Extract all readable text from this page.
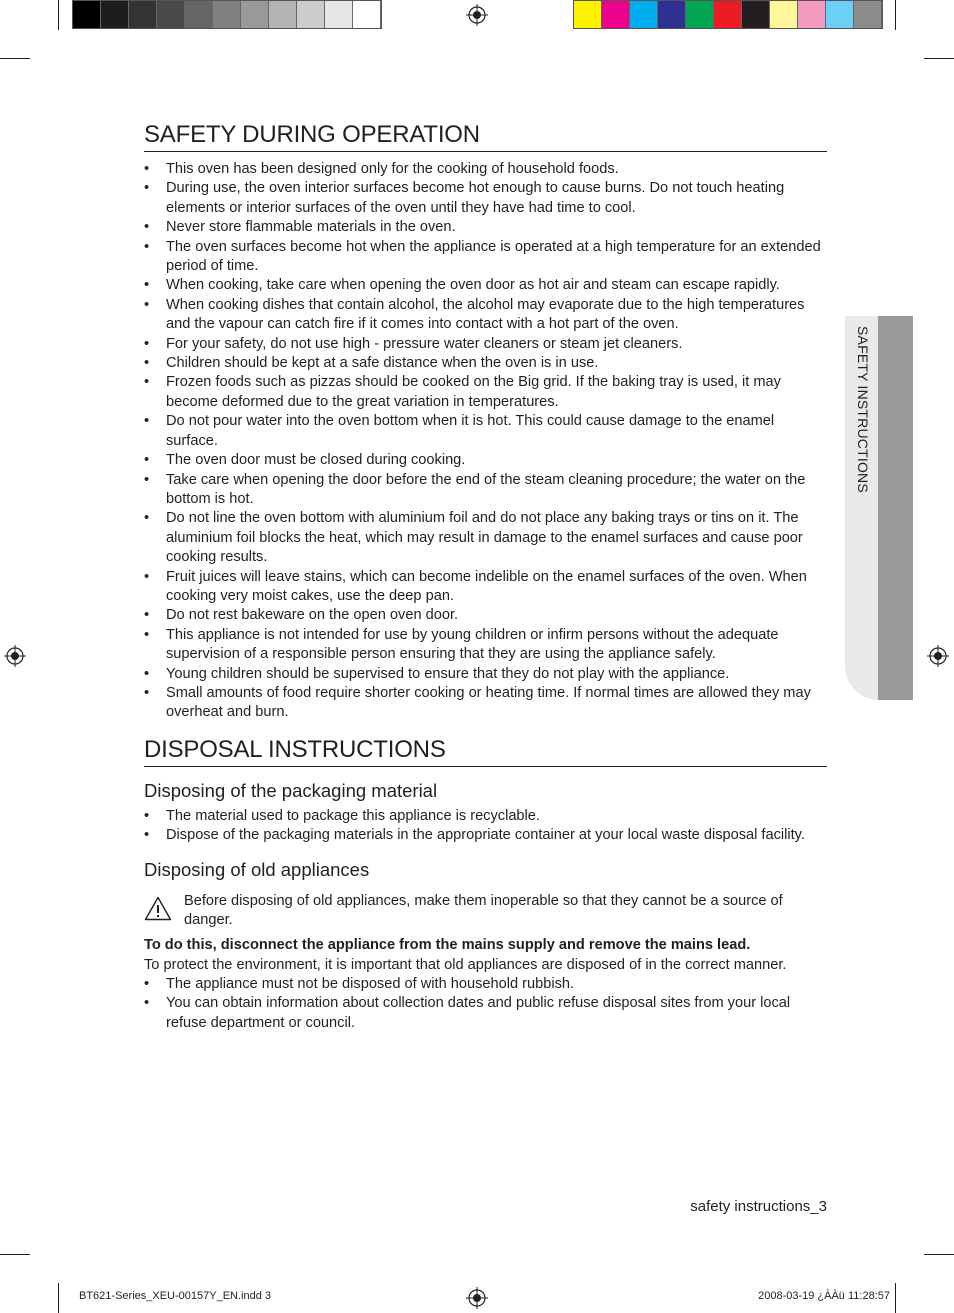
SAFETY INSTRUCTIONS
SAFETY DURING OPERATION
• This oven has been designed only for the cooking of household foods.
• During use, the oven interior surfaces become hot enough to cause burns. Do not touch heating elements or interior surfaces of the oven until they have had time to cool.
• Never store flammable materials in the oven.
• The oven surfaces become hot when the appliance is operated at a high temperature for an extended period of time.
• When cooking, take care when opening the oven door as hot air and steam can escape rapidly.
• When cooking dishes that contain alcohol, the alcohol may evaporate due to the high temperatures and the vapour can catch fire if it comes into contact with a hot part of the oven.
• For your safety, do not use high - pressure water cleaners or steam jet cleaners.
• Children should be kept at a safe distance when the oven is in use.
• Frozen foods such as pizzas should be cooked on the Big grid. If the baking tray is used, it may become deformed due to the great variation in temperatures.
• Do not pour water into the oven bottom when it is hot. This could cause damage to the enamel surface.
• The oven door must be closed during cooking.
• Take care when opening the door before the end of the steam cleaning procedure; the water on the bottom is hot.
• Do not line the oven bottom with aluminium foil and do not place any baking trays or tins on it. The aluminium foil blocks the heat, which may result in damage to the enamel surfaces and cause poor cooking results.
• Fruit juices will leave stains, which can become indelible on the enamel surfaces of the oven. When cooking very moist cakes, use the deep pan.
• Do not rest bakeware on the open oven door.
• This appliance is not intended for use by young children or infirm persons without the adequate supervision of a responsible person ensuring that they are using the appliance safely.
• Young children should be supervised to ensure that they do not play with the appliance.
• Small amounts of food require shorter cooking or heating time. If normal times are allowed they may overheat and burn.
DISPOSAL INSTRUCTIONS
Disposing of the packaging material
• The material used to package this appliance is recyclable.
• Dispose of the packaging materials in the appropriate container at your local waste disposal facility.
Disposing of old appliances
Before disposing of old appliances, make them inoperable so that they cannot be a source of danger.

To do this, disconnect the appliance from the mains supply and remove the mains lead.

To protect the environment, it is important that old appliances are disposed of in the correct manner.

• The appliance must not be disposed of with household rubbish.
• You can obtain information about collection dates and public refuse disposal sites from your local refuse department or council.
safety instructions_3
BT621-Series_XEU-00157Y_EN.indd 3	2008-03-19 ¿ÀÀü 11:28:57
